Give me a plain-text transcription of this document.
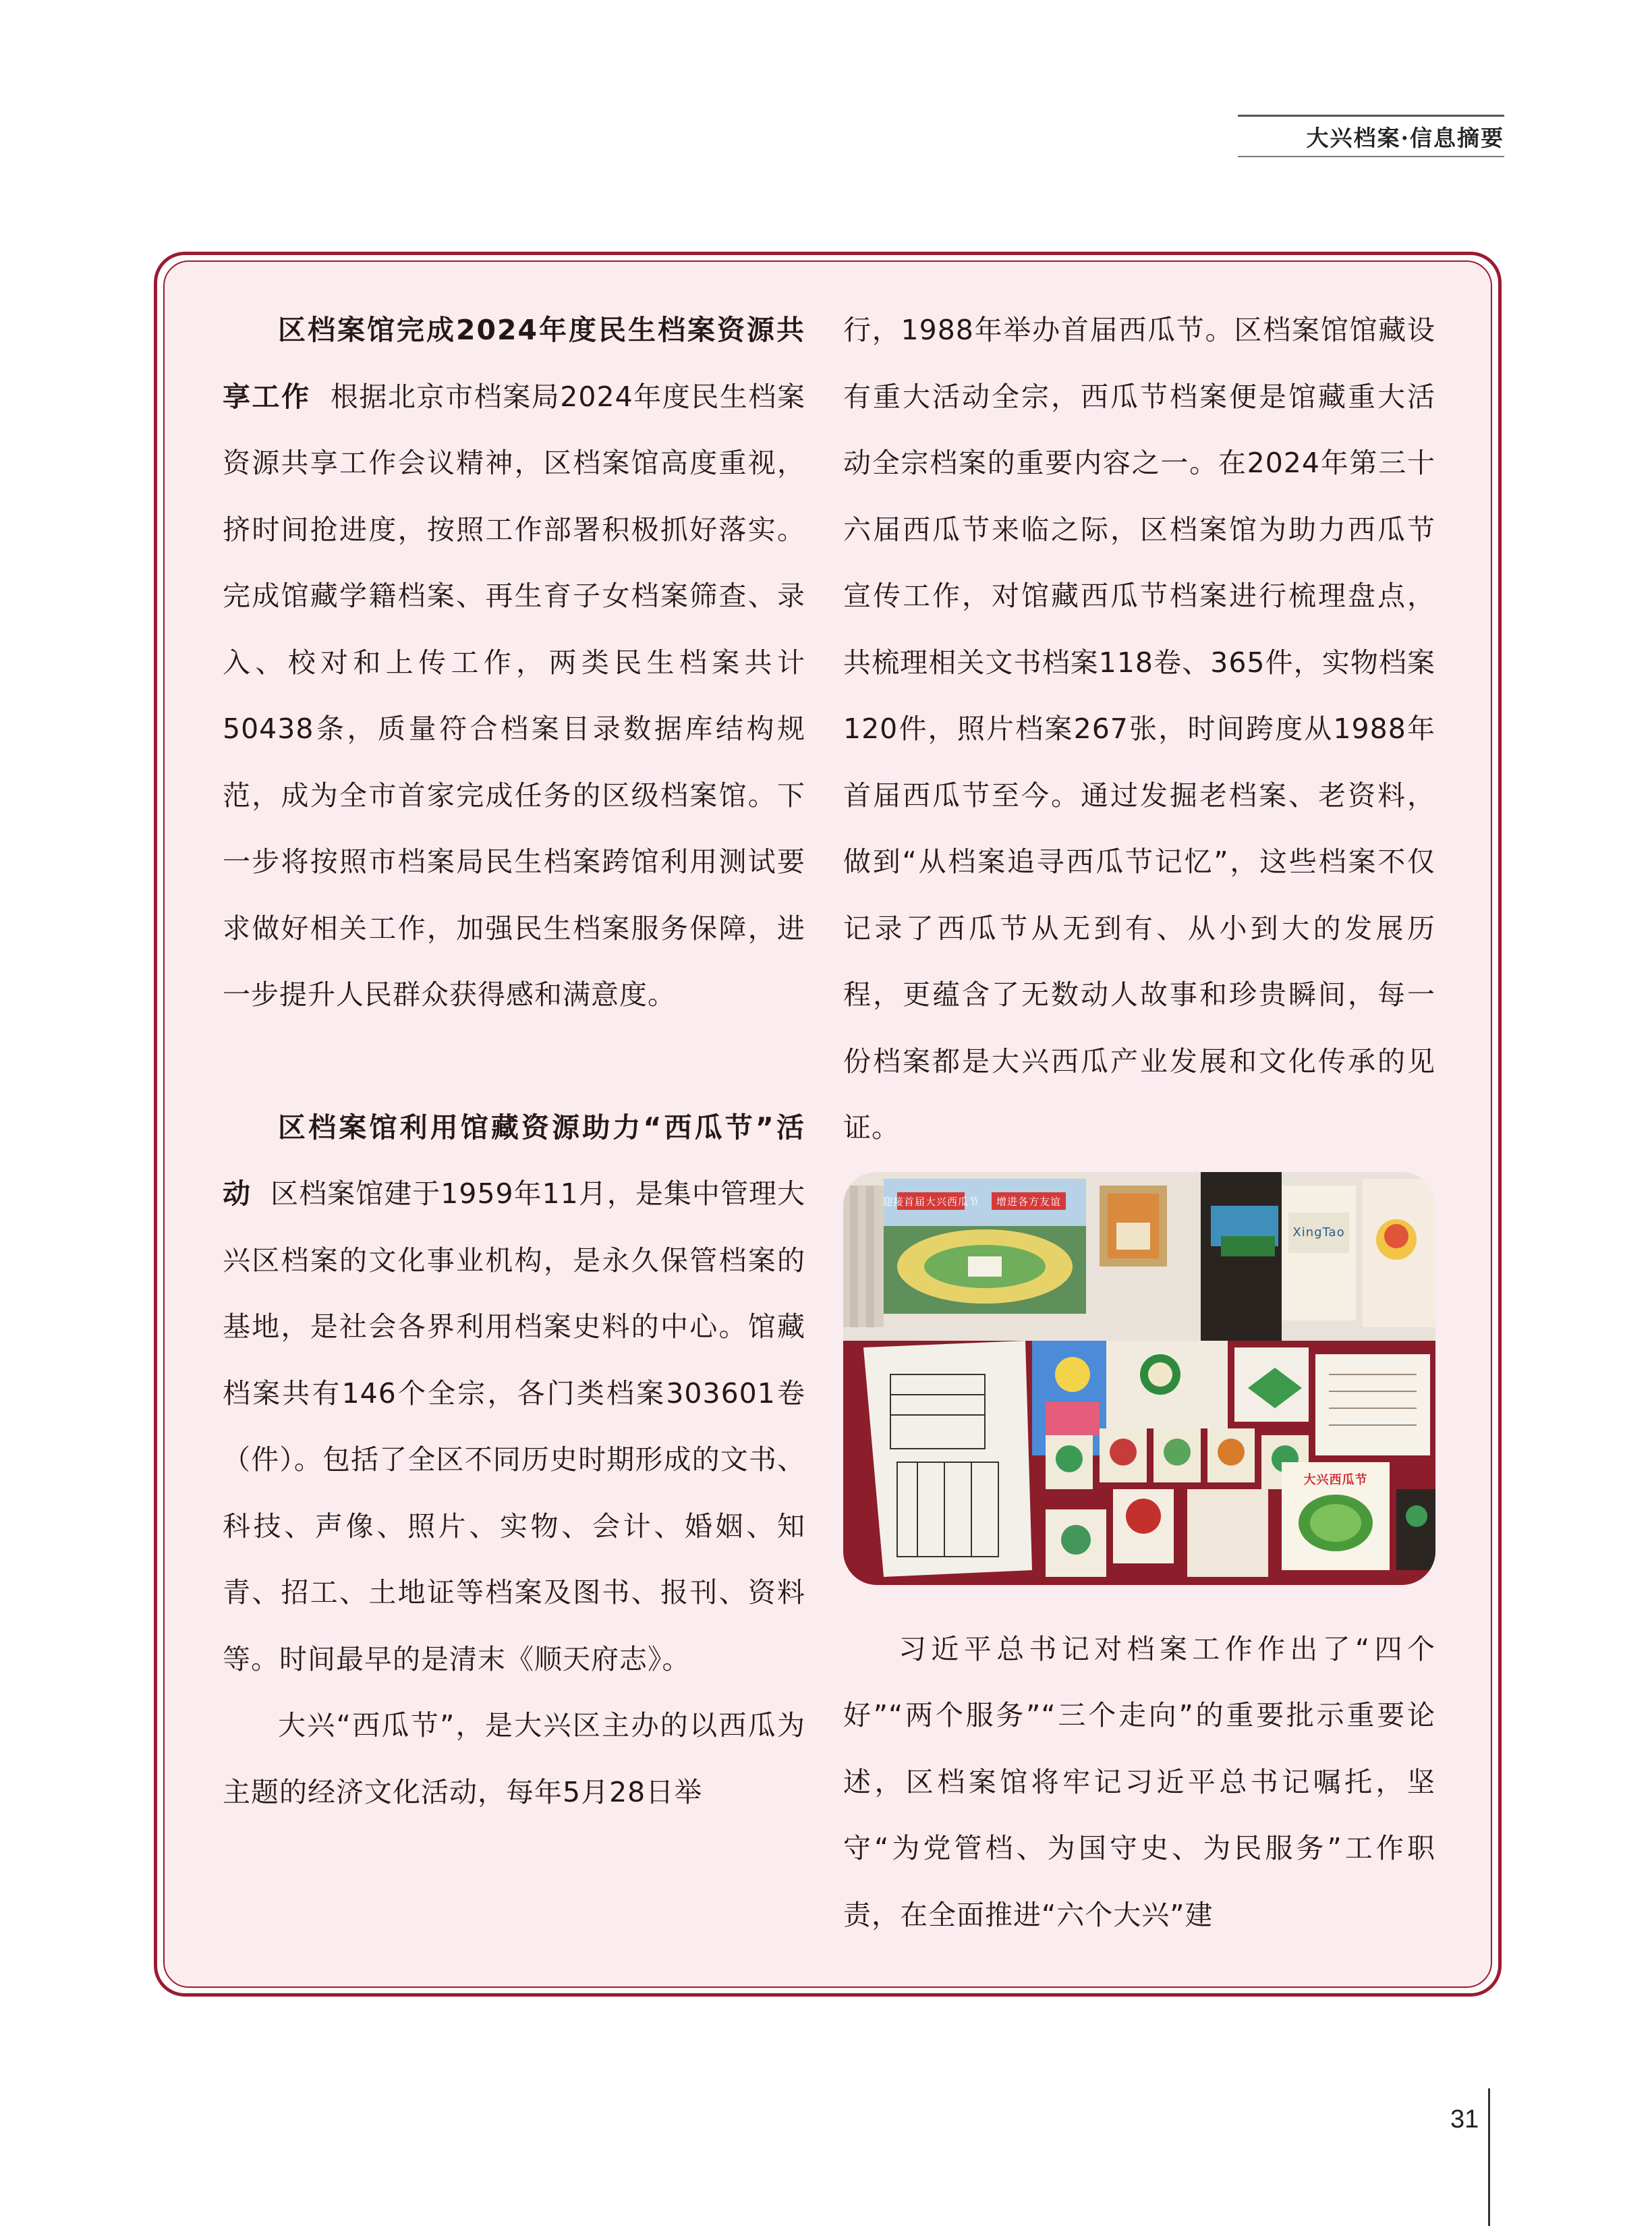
大兴档案·信息摘要

区档案馆完成2024年度民生档案资源共享工作 根据北京市档案局2024年度民生档案资源共享工作会议精神，区档案馆高度重视，挤时间抢进度，按照工作部署积极抓好落实。完成馆藏学籍档案、再生育子女档案筛查、录入、校对和上传工作，两类民生档案共计50438条，质量符合档案目录数据库结构规范，成为全市首家完成任务的区级档案馆。下一步将按照市档案局民生档案跨馆利用测试要求做好相关工作，加强民生档案服务保障，进一步提升人民群众获得感和满意度。

区档案馆利用馆藏资源助力“西瓜节”活动 区档案馆建于1959年11月，是集中管理大兴区档案的文化事业机构，是永久保管档案的基地，是社会各界利用档案史料的中心。馆藏档案共有146个全宗，各门类档案303601卷（件）。包括了全区不同历史时期形成的文书、科技、声像、照片、实物、会计、婚姻、知青、招工、土地证等档案及图书、报刊、资料等。时间最早的是清末《顺天府志》。

大兴“西瓜节”，是大兴区主办的以西瓜为主题的经济文化活动，每年5月28日举

行，1988年举办首届西瓜节。区档案馆馆藏设有重大活动全宗，西瓜节档案便是馆藏重大活动全宗档案的重要内容之一。在2024年第三十六届西瓜节来临之际，区档案馆为助力西瓜节宣传工作，对馆藏西瓜节档案进行梳理盘点，共梳理相关文书档案118卷、365件，实物档案120件，照片档案267张，时间跨度从1988年首届西瓜节至今。通过发掘老档案、老资料，做到“从档案追寻西瓜节记忆”，这些档案不仅记录了西瓜节从无到有、从小到大的发展历程，更蕴含了无数动人故事和珍贵瞬间，每一份档案都是大兴西瓜产业发展和文化传承的见证。

迎接首届大兴西瓜节 增进各方友谊
XingTao
大兴西瓜节

习近平总书记对档案工作作出了“四个好”“两个服务”“三个走向”的重要批示重要论述，区档案馆将牢记习近平总书记嘱托，坚守“为党管档、为国守史、为民服务”工作职责，在全面推进“六个大兴”建

31
